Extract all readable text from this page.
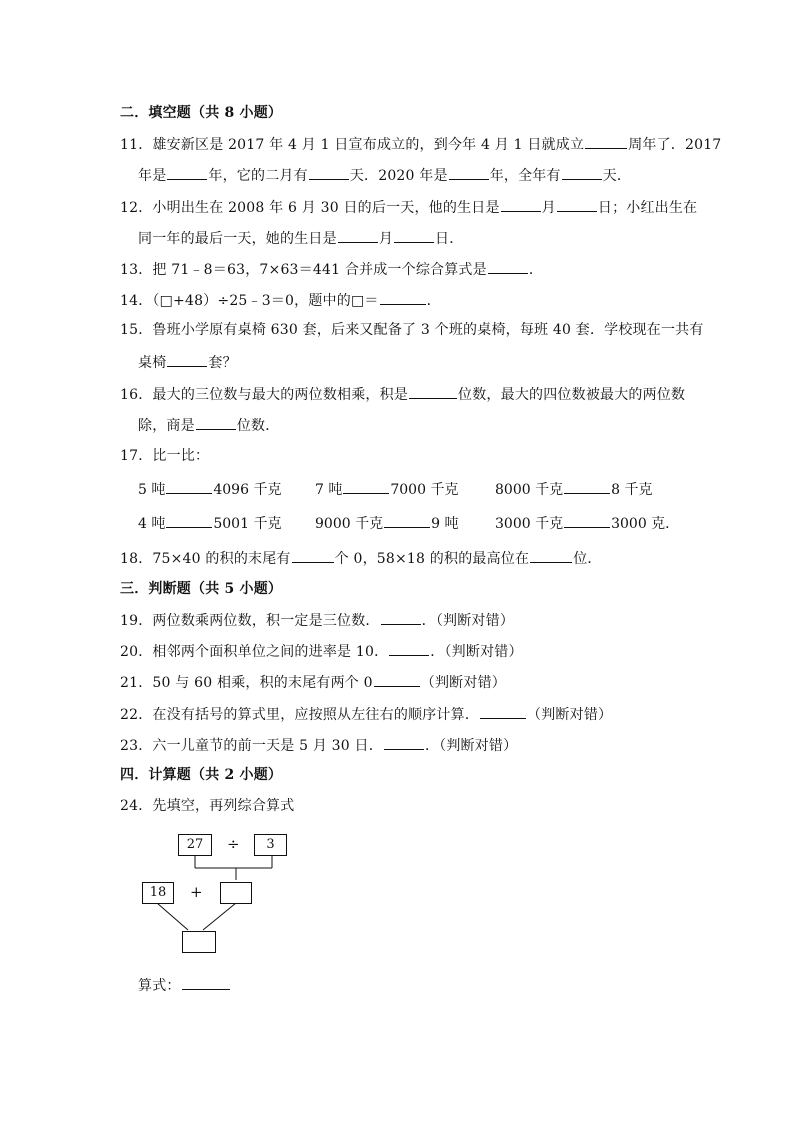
二．填空题（共 8 小题）
11．雄安新区是 2017 年 4 月 1 日宣布成立的，到今年 4 月 1 日就成立	周年了．2017
年是	年，它的二月有	天．2020 年是	年，全年有	天．
12．小明出生在 2008 年 6 月 30 日的后一天，他的生日是	月	日；小红出生在
同一年的最后一天，她的生日是	月	日．
13．把 71﹣8＝63，7×63＝441 合并成一个综合算式是	．
14．（□+48）÷25﹣3＝0，题中的□＝	．
15．鲁班小学原有桌椅 630 套，后来又配备了 3 个班的桌椅，每班 40 套．学校现在一共有
桌椅	套？
16．最大的三位数与最大的两位数相乘，积是	位数，最大的四位数被最大的两位数
除，商是	位数．
17．比一比：
5 吨	4096 千克 7 吨	7000 千克	8000 千克	8 千克
4 吨	5001 千克 9000 千克	9 吨	3000 千克	3000 克．
18．75×40 的积的末尾有	个 0，58×18 的积的最高位在	位．
三．判断题（共 5 小题）
19．两位数乘两位数，积一定是三位数．	．（判断对错）
20．相邻两个面积单位之间的进率是 10．	．（判断对错）
21．50 与 60 相乘，积的末尾有两个 0	（判断对错）
22．在没有括号的算式里，应按照从左往右的顺序计算．	（判断对错）
23．六一儿童节的前一天是 5 月 30 日．	．（判断对错）
四．计算题（共 2 小题）
24．先填空，再列综合算式
27	÷	3
18	+
算式：
